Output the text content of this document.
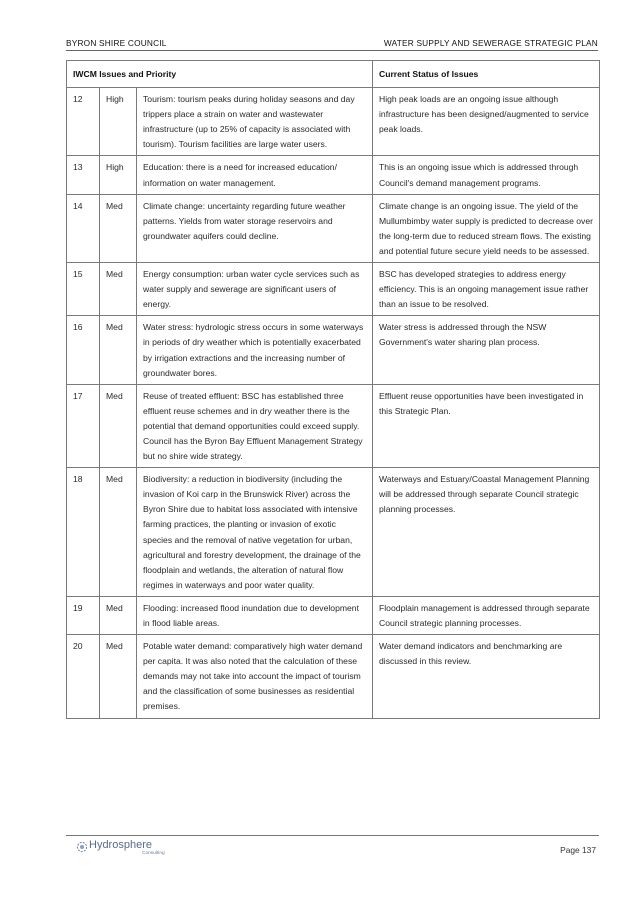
BYRON SHIRE COUNCIL	WATER SUPPLY AND SEWERAGE STRATEGIC PLAN
IWCM Issues and Priority			Current Status of Issues
12	High	Tourism: tourism peaks during holiday seasons and day trippers place a strain on water and wastewater infrastructure (up to 25% of capacity is associated with tourism). Tourism facilities are large water users.	High peak loads are an ongoing issue although infrastructure has been designed/augmented to service peak loads.
13	High	Education: there is a need for increased education/ information on water management.	This is an ongoing issue which is addressed through Council's demand management programs.
14	Med	Climate change: uncertainty regarding future weather patterns. Yields from water storage reservoirs and groundwater aquifers could decline.	Climate change is an ongoing issue. The yield of the Mullumbimby water supply is predicted to decrease over the long-term due to reduced stream flows. The existing and potential future secure yield needs to be assessed.
15	Med	Energy consumption: urban water cycle services such as water supply and sewerage are significant users of energy.	BSC has developed strategies to address energy efficiency. This is an ongoing management issue rather than an issue to be resolved.
16	Med	Water stress: hydrologic stress occurs in some waterways in periods of dry weather which is potentially exacerbated by irrigation extractions and the increasing number of groundwater bores.	Water stress is addressed through the NSW Government's water sharing plan process.
17	Med	Reuse of treated effluent: BSC has established three effluent reuse schemes and in dry weather there is the potential that demand opportunities could exceed supply. Council has the Byron Bay Effluent Management Strategy but no shire wide strategy.	Effluent reuse opportunities have been investigated in this Strategic Plan.
18	Med	Biodiversity: a reduction in biodiversity (including the invasion of Koi carp in the Brunswick River) across the Byron Shire due to habitat loss associated with intensive farming practices, the planting or invasion of exotic species and the removal of native vegetation for urban, agricultural and forestry development, the drainage of the floodplain and wetlands, the alteration of natural flow regimes in waterways and poor water quality.	Waterways and Estuary/Coastal Management Planning will be addressed through separate Council strategic planning processes.
19	Med	Flooding: increased flood inundation due to development in flood liable areas.	Floodplain management is addressed through separate Council strategic planning processes.
20	Med	Potable water demand: comparatively high water demand per capita. It was also noted that the calculation of these demands may not take into account the impact of tourism and the classification of some businesses as residential premises.	Water demand indicators and benchmarking are discussed in this review.
Hydrosphere
Consulting	Page 137
